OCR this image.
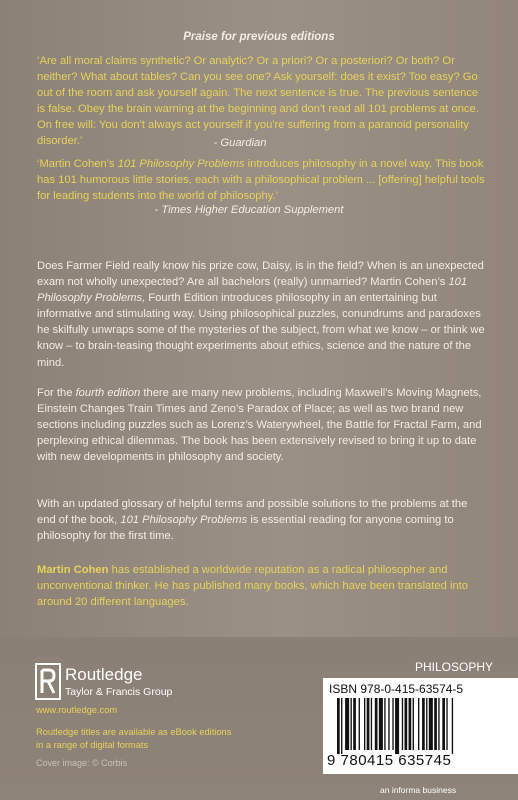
Praise for previous editions
‘Are all moral claims synthetic? Or analytic? Or a priori? Or a posteriori? Or both? Or neither? What about tables? Can you see one? Ask yourself: does it exist? Too easy? Go out of the room and ask yourself again. The next sentence is true. The previous sentence is false. Obey the brain warning at the beginning and don't read all 101 problems at once. On free will: You don't always act yourself if you're suffering from a paranoid personality disorder.’	- Guardian
‘Martin Cohen’s 101 Philosophy Problems introduces philosophy in a novel way. This book has 101 humorous little stories, each with a philosophical problem ... [offering] helpful tools for leading students into the world of philosophy.’
- Times Higher Education Supplement
Does Farmer Field really know his prize cow, Daisy, is in the field? When is an unexpected exam not wholly unexpected? Are all bachelors (really) unmarried? Martin Cohen’s 101 Philosophy Problems, Fourth Edition introduces philosophy in an entertaining but informative and stimulating way. Using philosophical puzzles, conundrums and paradoxes he skilfully unwraps some of the mysteries of the subject, from what we know – or think we know – to brain-teasing thought experiments about ethics, science and the nature of the mind.
For the fourth edition there are many new problems, including Maxwell’s Moving Magnets, Einstein Changes Train Times and Zeno’s Paradox of Place; as well as two brand new sections including puzzles such as Lorenz’s Waterywheel, the Battle for Fractal Farm, and perplexing ethical dilemmas. The book has been extensively revised to bring it up to date with new developments in philosophy and society.
With an updated glossary of helpful terms and possible solutions to the problems at the end of the book, 101 Philosophy Problems is essential reading for anyone coming to philosophy for the first time.
Martin Cohen has established a worldwide reputation as a radical philosopher and unconventional thinker. He has published many books, which have been translated into around 20 different languages.
Routledge
Taylor & Francis Group
www.routledge.com
Routledge titles are available as eBook editions in a range of digital formats
Cover image: © Corbis
PHILOSOPHY
ISBN 978-0-415-63574-5
9 780415 635745
an informa business
